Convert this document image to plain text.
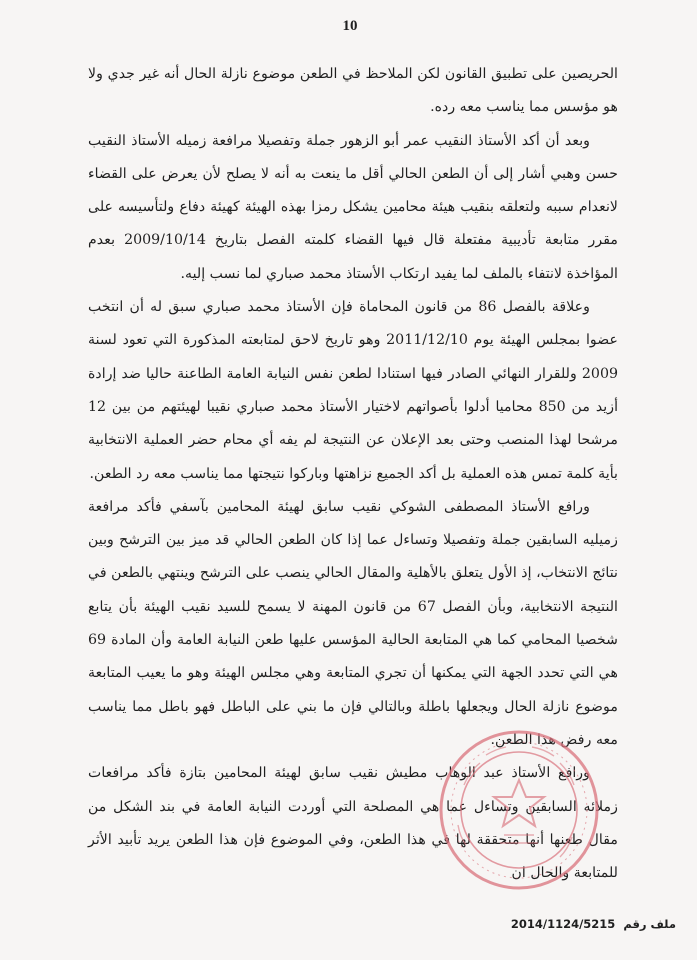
10

الحريصين على تطبيق القانون لكن الملاحظ في الطعن موضوع نازلة الحال أنه غير جدي ولا هو مؤسس مما يناسب معه رده.

وبعد أن أكد الأستاذ النقيب عمر أبو الزهور جملة وتفصيلا مرافعة زميله الأستاذ النقيب حسن وهبي أشار إلى أن الطعن الحالي أقل ما ينعت به أنه لا يصلح لأن يعرض على القضاء لانعدام سببه ولتعلقه بنقيب هيئة محامين يشكل رمزا بهذه الهيئة كهيئة دفاع ولتأسيسه على مقرر متابعة تأديبية مفتعلة قال فيها القضاء كلمته الفصل بتاريخ 2009/10/14 بعدم المؤاخذة لانتفاء بالملف لما يفيد ارتكاب الأستاذ محمد صباري لما نسب إليه.

وعلاقة بالفصل 86 من قانون المحاماة فإن الأستاذ محمد صباري سبق له أن انتخب عضوا بمجلس الهيئة يوم 2011/12/10 وهو تاريخ لاحق لمتابعته المذكورة التي تعود لسنة 2009 وللقرار النهائي الصادر فيها استنادا لطعن نفس النيابة العامة الطاعنة حاليا ضد إرادة أزيد من 850 محاميا أدلوا بأصواتهم لاختيار الأستاذ محمد صباري نقيبا لهيئتهم من بين 12 مرشحا لهذا المنصب وحتى بعد الإعلان عن النتيجة لم يفه أي محام حضر العملية الانتخابية بأية كلمة تمس هذه العملية بل أكد الجميع نزاهتها وباركوا نتيجتها مما يناسب معه رد الطعن.

ورافع الأستاذ المصطفى الشوكي نقيب سابق لهيئة المحامين بآسفي فأكد مرافعة زميليه السابقين جملة وتفصيلا وتساءل عما إذا كان الطعن الحالي قد ميز بين الترشح وبين نتائج الانتخاب، إذ الأول يتعلق بالأهلية والمقال الحالي ينصب على الترشح وينتهي بالطعن في النتيجة الانتخابية، وبأن الفصل 67 من قانون المهنة لا يسمح للسيد نقيب الهيئة بأن يتابع شخصيا المحامي كما هي المتابعة الحالية المؤسس عليها طعن النيابة العامة وأن المادة 69 هي التي تحدد الجهة التي يمكنها أن تجري المتابعة وهي مجلس الهيئة وهو ما يعيب المتابعة موضوع نازلة الحال ويجعلها باطلة وبالتالي فإن ما بني على الباطل فهو باطل مما يناسب معه رفض هذا الطعن.

ورافع الأستاذ عبد الوهاب مطيش نقيب سابق لهيئة المحامين بتازة فأكد مرافعات زملائه السابقين وتساءل عما هي المصلحة التي أوردت النيابة العامة في بند الشكل من مقال طعنها أنها متحققة لها في هذا الطعن، وفي الموضوع فإن هذا الطعن يريد تأبيد الأثر للمتابعة والحال ان

ملف رقم 2014/1124/5215
